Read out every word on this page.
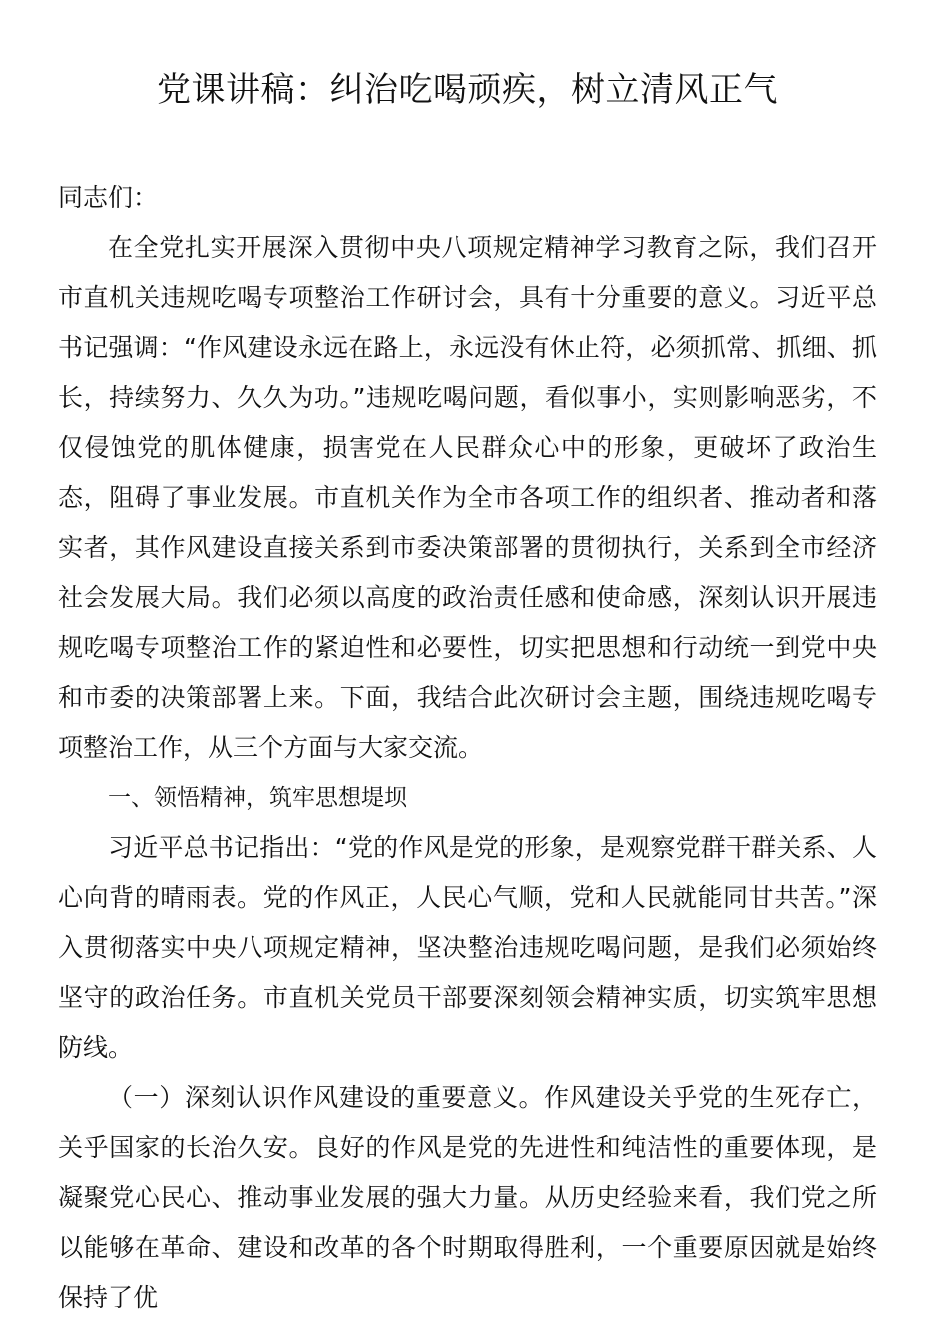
党课讲稿：纠治吃喝顽疾，树立清风正气

同志们：

在全党扎实开展深入贯彻中央八项规定精神学习教育之际，我们召开市直机关违规吃喝专项整治工作研讨会，具有十分重要的意义。习近平总书记强调：“作风建设永远在路上，永远没有休止符，必须抓常、抓细、抓长，持续努力、久久为功。”违规吃喝问题，看似事小，实则影响恶劣，不仅侵蚀党的肌体健康，损害党在人民群众心中的形象，更破坏了政治生态，阻碍了事业发展。市直机关作为全市各项工作的组织者、推动者和落实者，其作风建设直接关系到市委决策部署的贯彻执行，关系到全市经济社会发展大局。我们必须以高度的政治责任感和使命感，深刻认识开展违规吃喝专项整治工作的紧迫性和必要性，切实把思想和行动统一到党中央和市委的决策部署上来。下面，我结合此次研讨会主题，围绕违规吃喝专项整治工作，从三个方面与大家交流。

一、领悟精神，筑牢思想堤坝

习近平总书记指出：“党的作风是党的形象，是观察党群干群关系、人心向背的晴雨表。党的作风正，人民心气顺，党和人民就能同甘共苦。”深入贯彻落实中央八项规定精神，坚决整治违规吃喝问题，是我们必须始终坚守的政治任务。市直机关党员干部要深刻领会精神实质，切实筑牢思想防线。

（一）深刻认识作风建设的重要意义。作风建设关乎党的生死存亡，关乎国家的长治久安。良好的作风是党的先进性和纯洁性的重要体现，是凝聚党心民心、推动事业发展的强大力量。从历史经验来看，我们党之所以能够在革命、建设和改革的各个时期取得胜利，一个重要原因就是始终保持了优
